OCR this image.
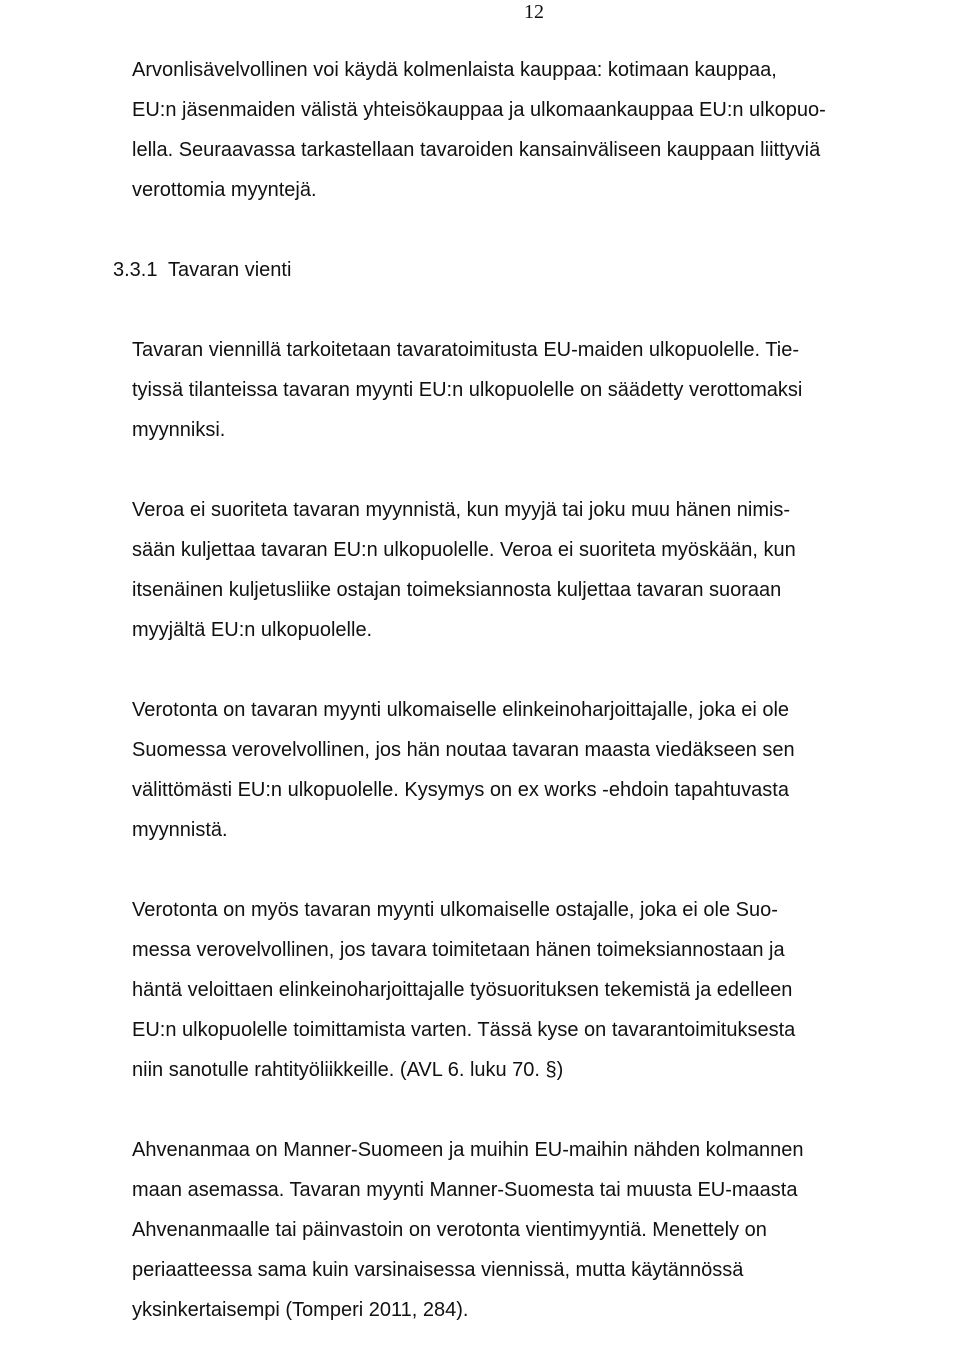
12
Arvonlisävelvollinen voi käydä kolmenlaista kauppaa: kotimaan kauppaa,
EU:n jäsenmaiden välistä yhteisökauppaa ja ulkomaankauppaa EU:n ulkopuo-
lella. Seuraavassa tarkastellaan tavaroiden kansainväliseen kauppaan liittyviä
verottomia myyntejä.
3.3.1 Tavaran vienti
Tavaran viennillä tarkoitetaan tavaratoimitusta EU-maiden ulkopuolelle. Tie-
tyissä tilanteissa tavaran myynti EU:n ulkopuolelle on säädetty verottomaksi
myynniksi.
Veroa ei suoriteta tavaran myynnistä, kun myyjä tai joku muu hänen nimis-
sään kuljettaa tavaran EU:n ulkopuolelle. Veroa ei suoriteta myöskään, kun
itsenäinen kuljetusliike ostajan toimeksiannosta kuljettaa tavaran suoraan
myyjältä EU:n ulkopuolelle.
Verotonta on tavaran myynti ulkomaiselle elinkeinoharjoittajalle, joka ei ole
Suomessa verovelvollinen, jos hän noutaa tavaran maasta viedäkseen sen
välittömästi EU:n ulkopuolelle. Kysymys on ex works -ehdoin tapahtuvasta
myynnistä.
Verotonta on myös tavaran myynti ulkomaiselle ostajalle, joka ei ole Suo-
messa verovelvollinen, jos tavara toimitetaan hänen toimeksiannostaan ja
häntä veloittaen elinkeinoharjoittajalle työsuorituksen tekemistä ja edelleen
EU:n ulkopuolelle toimittamista varten. Tässä kyse on tavarantoimituksesta
niin sanotulle rahtityöliikkeille. (AVL 6. luku 70. §)
Ahvenanmaa on Manner-Suomeen ja muihin EU-maihin nähden kolmannen
maan asemassa. Tavaran myynti Manner-Suomesta tai muusta EU-maasta
Ahvenanmaalle tai päinvastoin on verotonta vientimyyntiä. Menettely on
periaatteessa sama kuin varsinaisessa viennissä, mutta käytännössä
yksinkertaisempi (Tomperi 2011, 284).
